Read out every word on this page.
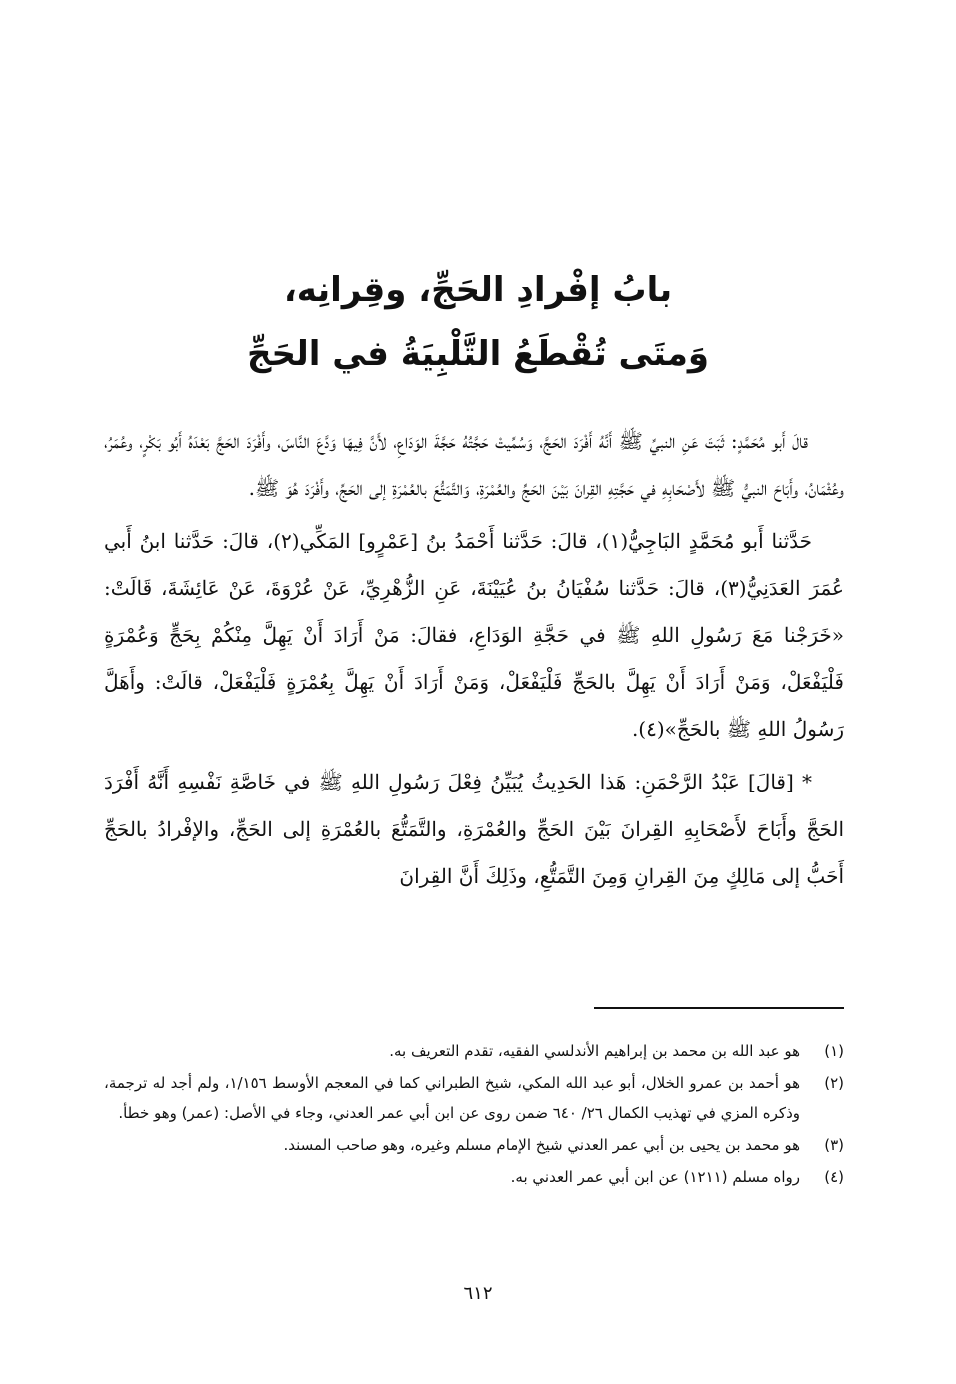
بابُ إفْرادِ الحَجِّ، وقِرانِه،
وَمتَى تُقْطَعُ التَّلْبِيَةُ في الحَجِّ

قالَ أَبو مُحَمَّدٍ: ثَبَتَ عَنِ النبيِّ ﷺ أَنَّهُ أَفْرَدَ الحَجَّ، وَسُمِّيتْ حَجَّتُهُ حَجَّةَ الوَدَاعِ، لأَنَّ فِيهَا وَدَّعَ النَّاسَ، وأَفْرَدَ الحَجَّ بَعْدَهُ أَبُو بَكْرٍ، وعُمَرُ، وعُثْمَانُ، وأَبَاحَ النبيُّ ﷺ لأَصْحَابِهِ في حَجَّتِهِ القِرانَ بَيْنَ الحَجِّ والعُمْرَةِ، وَالتَّمَتُّعَ بالعُمْرَةِ إلى الحَجِّ، وأَفْرَدَ هُوَ ﷺ.

حَدَّثنا أَبو مُحَمَّدٍ البَاجِيُّ(١)، قالَ: حَدَّثنا أَحْمَدُ بنُ [عَمْرٍو] المَكِّي(٢)، قالَ: حَدَّثنا ابنُ أَبي عُمَرَ العَدَنِيُّ(٣)، قالَ: حَدَّثنا سُفْيَانُ بنُ عُيَيْنَةَ، عَنِ الزُّهْرِيِّ، عَنْ عُرْوَةَ، عَنْ عَائِشَةَ، قَالَتْ: «خَرَجْنا مَعَ رَسُولِ اللهِ ﷺ في حَجَّةِ الوَدَاعِ، فقالَ: مَنْ أَرَادَ أَنْ يَهِلَّ مِنْكُمْ بِحَجٍّ وَعُمْرَةٍ فَلْيَفْعَلْ، وَمَنْ أَرَادَ أَنْ يَهِلَّ بالحَجِّ فَلْيَفْعَلْ، وَمَنْ أَرَادَ أَنْ يَهِلَّ بِعُمْرَةٍ فَلْيَفْعَلْ، قالَتْ: وأَهَلَّ رَسُولُ اللهِ ﷺ بالحَجِّ»(٤).

* [قالَ] عَبْدُ الرَّحْمَنِ: هَذا الحَدِيثُ يُبَيِّنُ فِعْلَ رَسُولِ اللهِ ﷺ في خَاصَّةِ نَفْسِهِ أَنَّهُ أَفْرَدَ الحَجَّ وأَبَاحَ لأَصْحَابِهِ القِرانَ بَيْنَ الحَجِّ والعُمْرَةِ، والتَّمَتُّعَ بالعُمْرَةِ إلى الحَجِّ، والإفْرادُ بالحَجِّ أَحَبُّ إلى مَالِكٍ مِنَ القِرانِ وَمِنَ التَّمَتُّعِ، وذَلِكَ أَنَّ القِرانَ

(١)
هو عبد الله بن محمد بن إبراهيم الأندلسي الفقيه، تقدم التعريف به.
(٢)
هو أحمد بن عمرو الخلال، أبو عبد الله المكي، شيخ الطبراني كما في المعجم الأوسط ١/١٥٦، ولم أجد له ترجمة، وذكره المزي في تهذيب الكمال ٢٦/ ٦٤٠ ضمن روى عن ابن أبي عمر العدني، وجاء في الأصل: (عمر) وهو خطأ.
(٣)
هو محمد بن يحيى بن أبي عمر العدني شيخ الإمام مسلم وغيره، وهو صاحب المسند.
(٤)
رواه مسلم (١٢١١) عن ابن أبي عمر العدني به.
٦١٢
